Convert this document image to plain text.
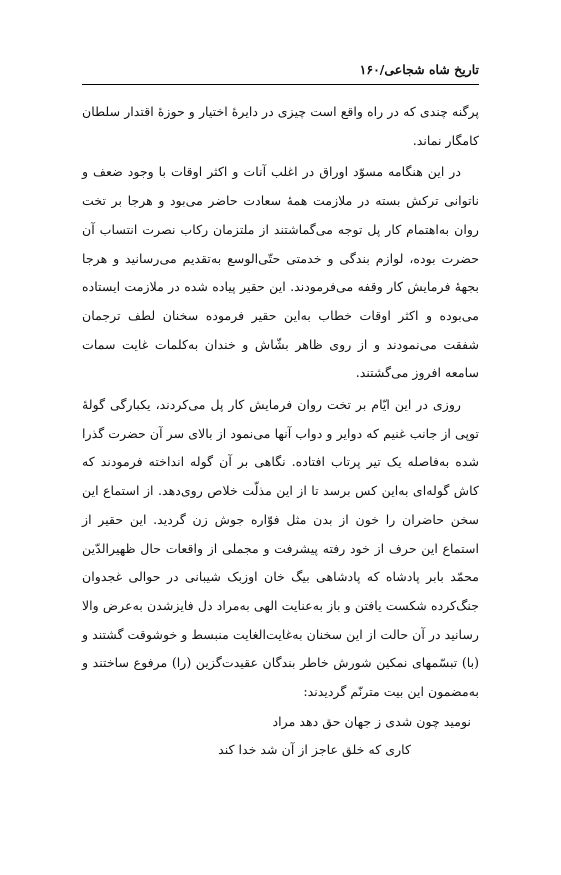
تاریخ شاه شجاعی/۱۶۰

پرگنه چندی که در راه واقع است چیزی در دایرۀ اختیار و حوزۀ اقتدار سلطان کامگار نماند.

در این هنگامه مسوّد اوراق در اغلب آنات و اکثر اوقات با وجود ضعف و ناتوانی ترکش بسته در ملازمت همۀ سعادت حاضر می‌بود و هرجا بر تخت روان به‌اهتمام کار پل توجه می‌گماشتند از ملتزمان رکاب نصرت انتساب آن حضرت بوده، لوازم بندگی و خدمتی حتّی‌الوسع به‌تقدیم می‌رسانید و هرجا بجهۀ فرمایش کار وقفه می‌فرمودند. این حقیر پیاده شده در ملازمت ایستاده می‌بوده و اکثر اوقات خطاب به‌این حقیر فرموده سخنان لطف ترجمان شفقت می‌نمودند و از روی ظاهر بشّاش و خندان به‌کلمات غایت سمات سامعه افروز می‌گشتند.

روزی در این ایّام بر تخت روان فرمایش کار پل می‌کردند، یکبارگی گولۀ توپی از جانب غنیم که دوایر و دواب آنها می‌نمود از بالای سر آن حضرت گذرا شده به‌فاصله یک تیر پرتاب افتاده. نگاهی بر آن گوله انداخته فرمودند که کاش گوله‌ای به‌این کس برسد تا از این مذلّت خلاص روی‌دهد. از استماع این سخن حاضران را خون از بدن مثل فوّاره جوش زن گردید. این حقیر از استماع این حرف از خود رفته پیشرفت و مجملی از واقعات حال ظهیرالدّین محمّد بابر پادشاه که پادشاهی بیگ خان اوزبک شیبانی در حوالی غجدوان جنگ‌کرده شکست یافتن و باز به‌عنایت الهی به‌مراد دل فایزشدن به‌عرض والا رسانید در آن حالت از این سخنان به‌غایت‌الغایت منبسط و خوشوقت گشتند و (با) تبسّمهای نمکین شورش خاطر بندگان عقیدت‌گزین (را) مرفوع ساختند و به‌مضمون این بیت مترنّم گردیدند:

نومید چون شدی ز جهان حق دهد مراد
کاری که خلق عاجز از آن شد خدا کند
